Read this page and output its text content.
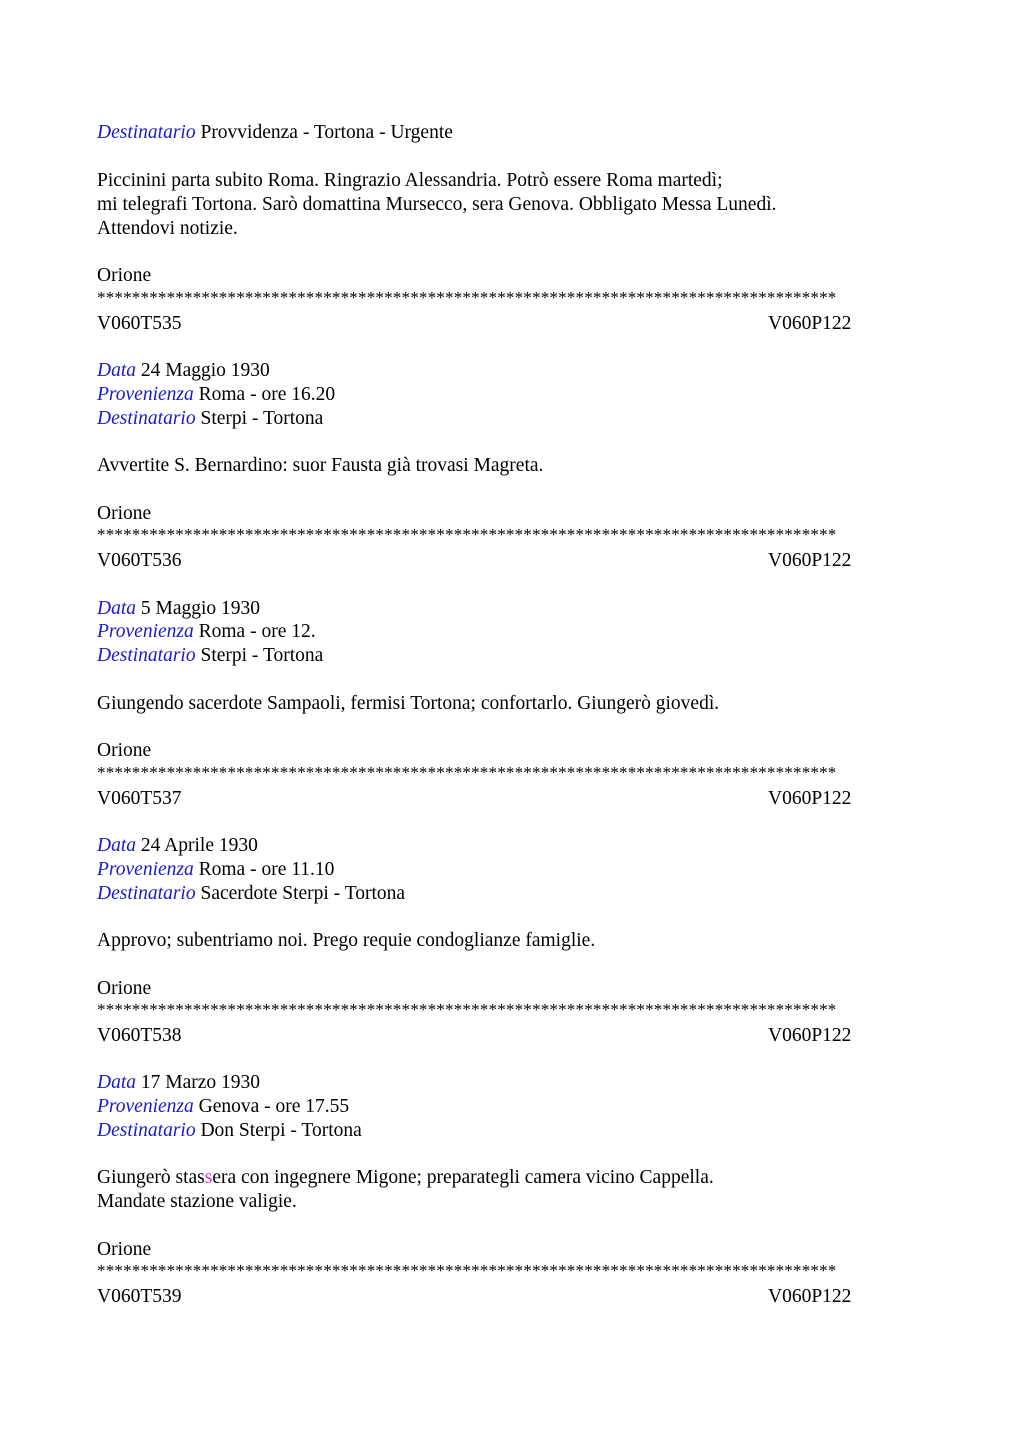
Destinatario Provvidenza - Tortona - Urgente
Piccinini parta subito Roma. Ringrazio Alessandria. Potrò essere Roma martedì;
mi telegrafi Tortona. Sarò domattina Mursecco, sera Genova. Obbligato Messa Lunedì.
Attendovi notizie.
Orione
*************************************************************************************
V060T535	V060P122
Data 24 Maggio 1930
Provenienza Roma - ore 16.20
Destinatario Sterpi - Tortona
Avvertite S. Bernardino: suor Fausta già trovasi Magreta.
Orione
*************************************************************************************
V060T536	V060P122
Data 5 Maggio 1930
Provenienza Roma - ore 12.
Destinatario Sterpi - Tortona
Giungendo sacerdote Sampaoli, fermisi Tortona; confortarlo. Giungerò giovedì.
Orione
*************************************************************************************
V060T537	V060P122
Data 24 Aprile 1930
Provenienza Roma - ore 11.10
Destinatario Sacerdote Sterpi - Tortona
Approvo; subentriamo noi. Prego requie condoglianze famiglie.
Orione
*************************************************************************************
V060T538	V060P122
Data 17 Marzo 1930
Provenienza Genova - ore 17.55
Destinatario Don Sterpi - Tortona
Giungerò stassera con ingegnere Migone; preparategli camera vicino Cappella.
Mandate stazione valigie.
Orione
*************************************************************************************
V060T539	V060P122
